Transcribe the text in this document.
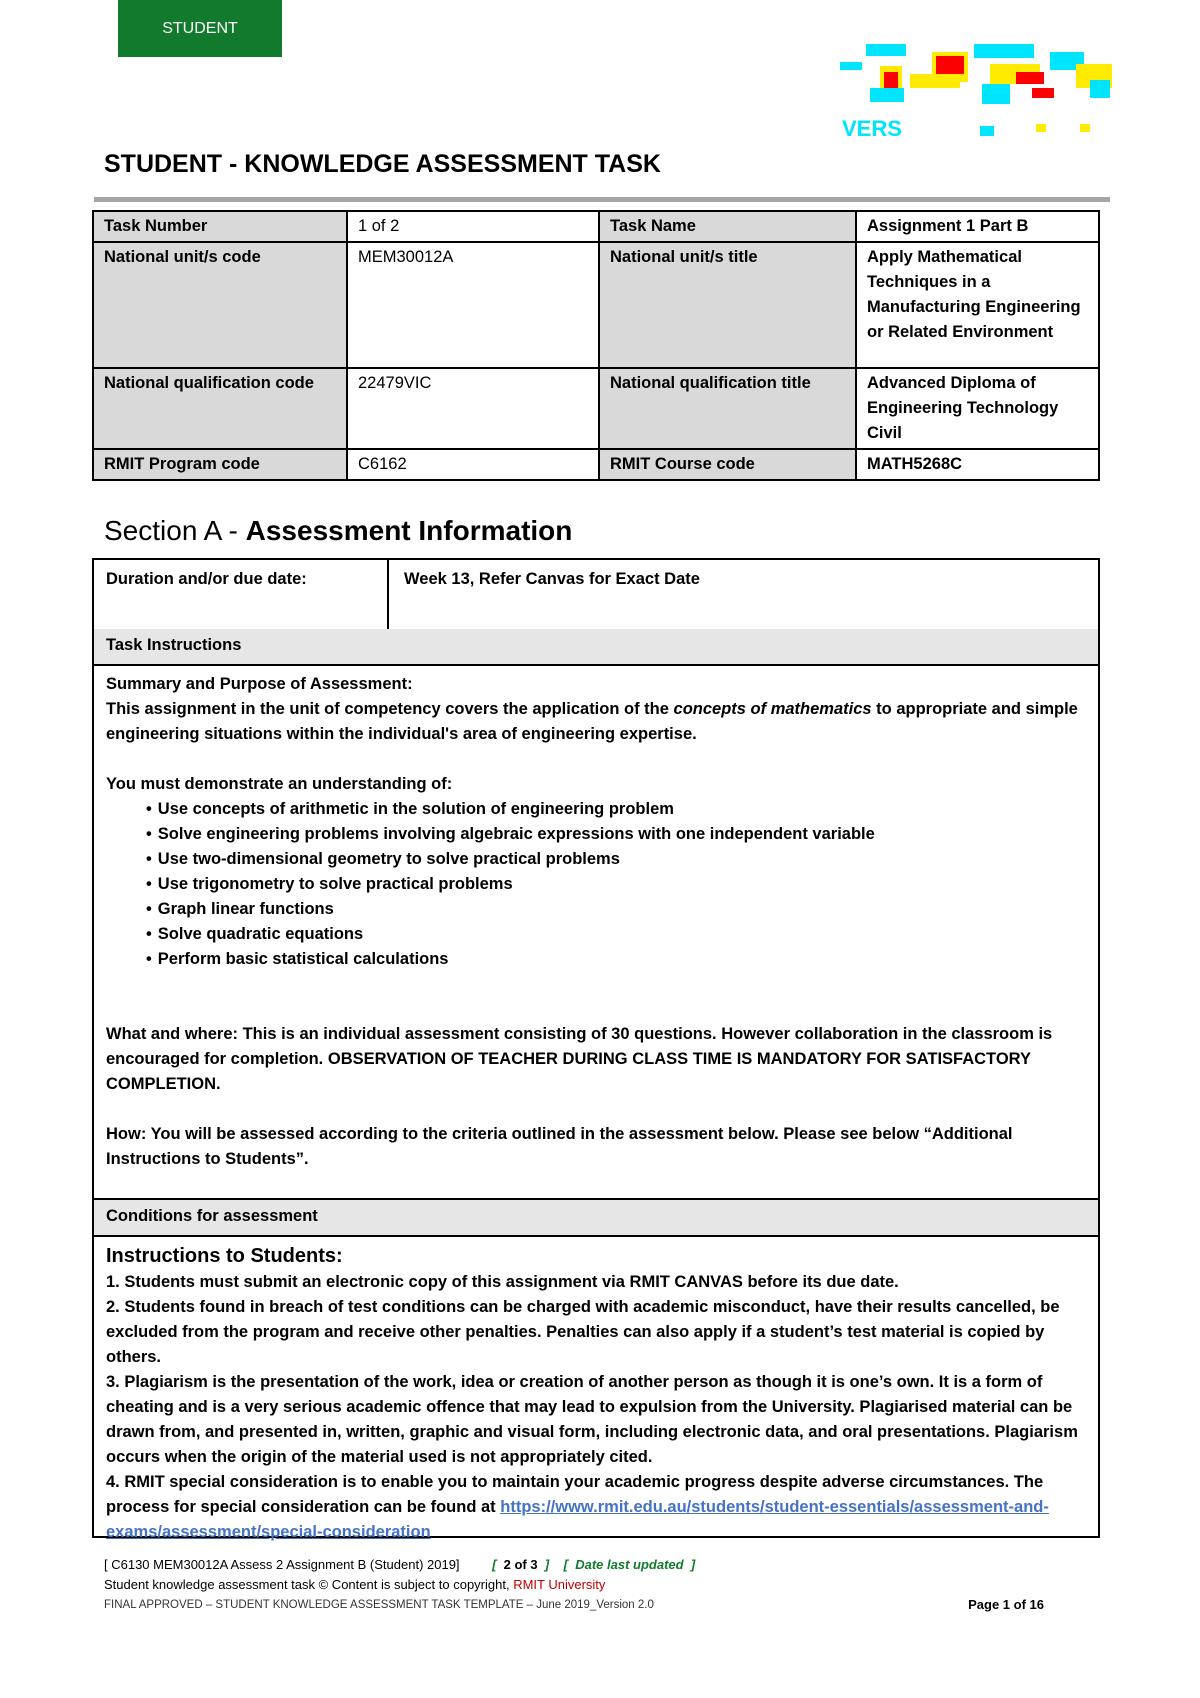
STUDENT
VERS
STUDENT - KNOWLEDGE ASSESSMENT TASK
Task Number	1 of 2	Task Name	Assignment 1 Part B
National unit/s code	MEM30012A	National unit/s title	Apply Mathematical Techniques in a Manufacturing Engineering or Related Environment
National qualification code	22479VIC	National qualification title	Advanced Diploma of Engineering Technology Civil
RMIT Program code	C6162	RMIT Course code	MATH5268C
Section A - Assessment Information
Duration and/or due date:	Week 13, Refer Canvas for Exact Date
Task Instructions

Summary and Purpose of Assessment:

This assignment in the unit of competency covers the application of the concepts of mathematics to appropriate and simple engineering situations within the individual's area of engineering expertise.

You must demonstrate an understanding of:

• Use concepts of arithmetic in the solution of engineering problem
• Solve engineering problems involving algebraic expressions with one independent variable
• Use two-dimensional geometry to solve practical problems
• Use trigonometry to solve practical problems
• Graph linear functions
• Solve quadratic equations
• Perform basic statistical calculations

What and where: This is an individual assessment consisting of 30 questions. However collaboration in the classroom is encouraged for completion. OBSERVATION OF TEACHER DURING CLASS TIME IS MANDATORY FOR SATISFACTORY COMPLETION.

How: You will be assessed according to the criteria outlined in the assessment below. Please see below “Additional Instructions to Students”.

Conditions for assessment

Instructions to Students:

1. Students must submit an electronic copy of this assignment via RMIT CANVAS before its due date.

2. Students found in breach of test conditions can be charged with academic misconduct, have their results cancelled, be excluded from the program and receive other penalties. Penalties can also apply if a student’s test material is copied by others.

3. Plagiarism is the presentation of the work, idea or creation of another person as though it is one’s own. It is a form of cheating and is a very serious academic offence that may lead to expulsion from the University. Plagiarised material can be drawn from, and presented in, written, graphic and visual form, including electronic data, and oral presentations. Plagiarism occurs when the origin of the material used is not appropriately cited.

4. RMIT special consideration is to enable you to maintain your academic progress despite adverse circumstances. The process for special consideration can be found at https://www.rmit.edu.au/students/student-essentials/assessment-and-exams/assessment/special-consideration

[ C6130 MEM30012A Assess 2 Assignment B (Student) 2019]	[ 2 of 3 ] [ Date last updated ]
Student knowledge assessment task © Content is subject to copyright, RMIT University
FINAL APPROVED – STUDENT KNOWLEDGE ASSESSMENT TASK TEMPLATE – June 2019_Version 2.0	Page 1 of 16
